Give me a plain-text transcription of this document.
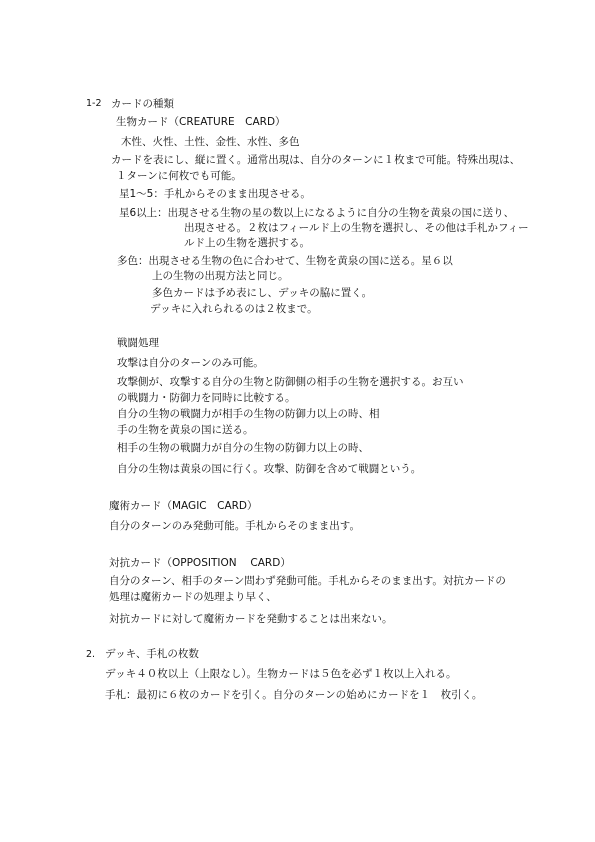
1-2 カードの種類
生物カード（CREATURE　CARD）
木性、火性、土性、金性、水性、多色
カードを表にし、縦に置く。通常出現は、自分のターンに１枚まで可能。特殊出現は、
１ターンに何枚でも可能。
星1～5：手札からそのまま出現させる。
星6以上：出現させる生物の星の数以上になるように自分の生物を黄泉の国に送り、
出現させる。２枚はフィールド上の生物を選択し、その他は手札かフィー
ルド上の生物を選択する。
多色：出現させる生物の色に合わせて、生物を黄泉の国に送る。星６以
上の生物の出現方法と同じ。
多色カードは予め表にし、デッキの脇に置く。
デッキに入れられるのは２枚まで。
戦闘処理
攻撃は自分のターンのみ可能。
攻撃側が、攻撃する自分の生物と防御側の相手の生物を選択する。お互い
の戦闘力・防御力を同時に比較する。
自分の生物の戦闘力が相手の生物の防御力以上の時、相
手の生物を黄泉の国に送る。
相手の生物の戦闘力が自分の生物の防御力以上の時、
自分の生物は黄泉の国に行く。攻撃、防御を含めて戦闘という。
魔術カード（MAGIC　CARD）
自分のターンのみ発動可能。手札からそのまま出す。
対抗カード（OPPOSITION　 CARD）
自分のターン、相手のターン問わず発動可能。手札からそのまま出す。対抗カードの
処理は魔術カードの処理より早く、
対抗カードに対して魔術カードを発動することは出来ない。
2. デッキ、手札の枚数
デッキ４０枚以上（上限なし）。生物カードは５色を必ず１枚以上入れる。
手札：最初に６枚のカードを引く。自分のターンの始めにカードを１　枚引く。
